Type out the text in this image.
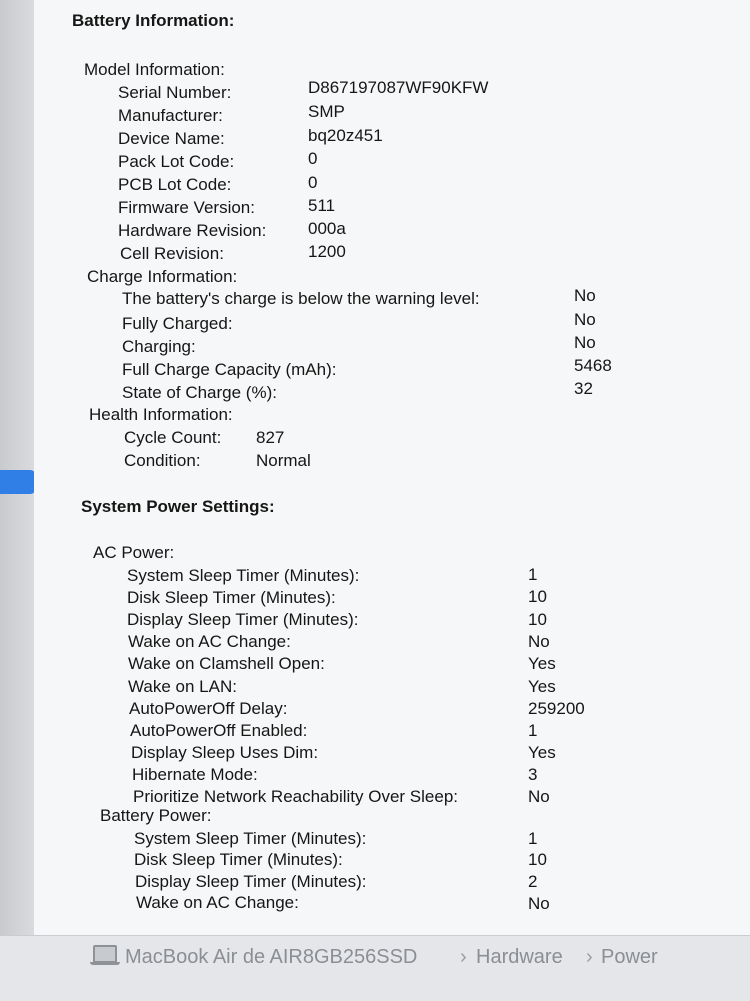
Battery Information:
Model Information:
Serial Number:	D867197087WF90KFW
Manufacturer:	SMP
Device Name:	bq20z451
Pack Lot Code:	0
PCB Lot Code:	0
Firmware Version:	511
Hardware Revision: 000a
Cell Revision:	1200
Charge Information:
The battery's charge is below the warning level:	No
Fully Charged:	No
Charging:	No
Full Charge Capacity (mAh):	5468
State of Charge (%):	32
Health Information:
Cycle Count: 827
Condition:	Normal
System Power Settings:
AC Power:
System Sleep Timer (Minutes):	1
Disk Sleep Timer (Minutes):	10
Display Sleep Timer (Minutes):	10
Wake on AC Change:	No
Wake on Clamshell Open:	Yes
Wake on LAN:	Yes
AutoPowerOff Delay:	259200
AutoPowerOff Enabled:	1
Display Sleep Uses Dim:	Yes
Hibernate Mode:	3
Prioritize Network Reachability Over Sleep:	No
Battery Power:
System Sleep Timer (Minutes):	1
Disk Sleep Timer (Minutes):	10
Display Sleep Timer (Minutes):	2
Wake on AC Change:	No
MacBook Air de AIR8GB256SSD › Hardware › Power
